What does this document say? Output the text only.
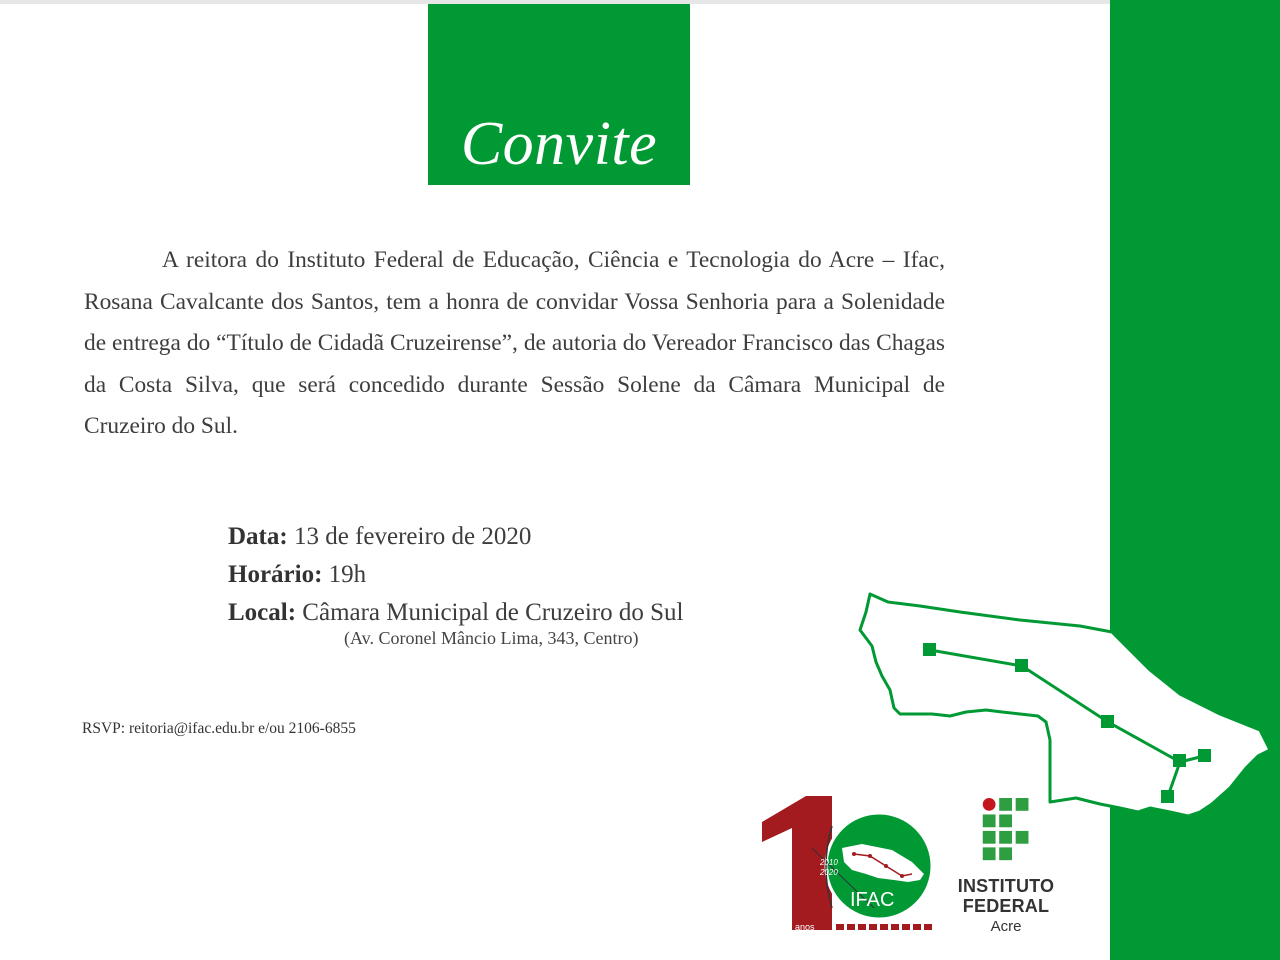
Convite

A reitora do Instituto Federal de Educação, Ciência e Tecnologia do Acre – Ifac, Rosana Cavalcante dos Santos, tem a honra de convidar Vossa Senhoria para a Solenidade de entrega do “Título de Cidadã Cruzeirense”, de autoria do Vereador Francisco das Chagas da Costa Silva, que será concedido durante Sessão Solene da Câmara Municipal de Cruzeiro do Sul.

Data: 13 de fevereiro de 2020
Horário: 19h
Local: Câmara Municipal de Cruzeiro do Sul
(Av. Coronel Mâncio Lima, 343, Centro)
RSVP: reitoria@ifac.edu.br e/ou 2106-6855
2010
2020
IFAC
anos
INSTITUTO
FEDERAL
Acre
